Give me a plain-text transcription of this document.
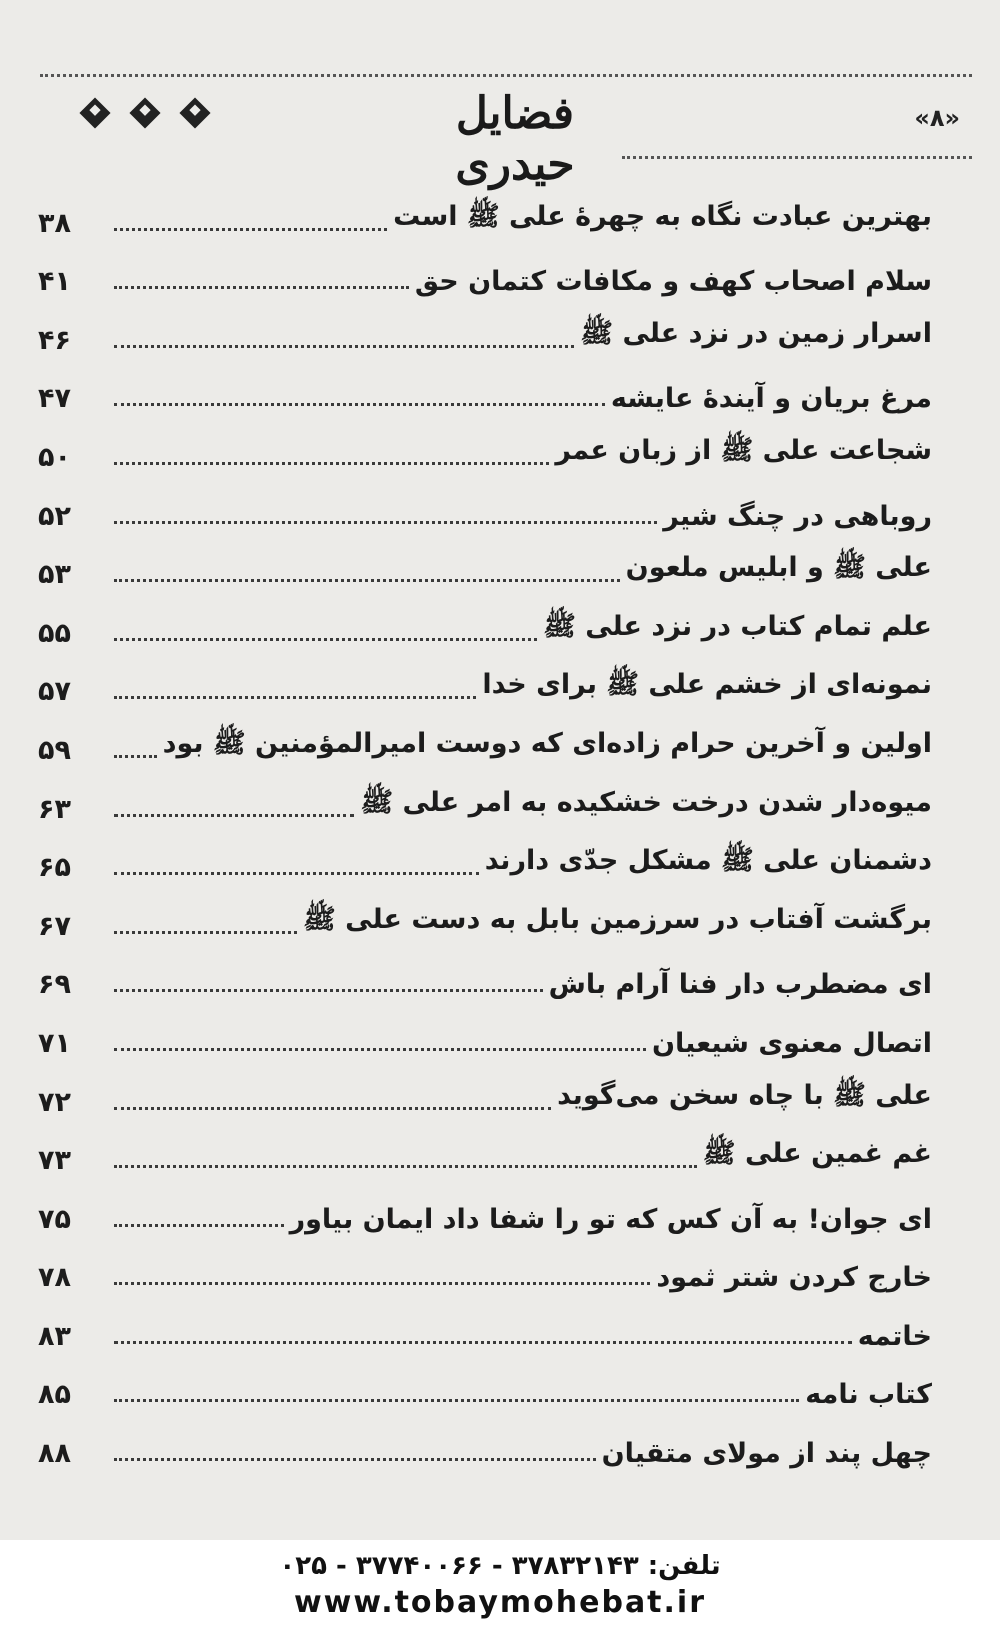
فضایل حیدری
«۸»
۳۸	بهترین عبادت نگاه به چهرهٔ علی ﷺ است
۴۱	سلام اصحاب کهف و مکافات کتمان حق
۴۶	اسرار زمین در نزد علی ﷺ
۴۷	مرغ بریان و آیندهٔ عایشه
۵۰	شجاعت علی ﷺ از زبان عمر
۵۲	روباهی در چنگ شیر
۵۳	علی ﷺ و ابلیس ملعون
۵۵	علم تمام کتاب در نزد علی ﷺ
۵۷	نمونه‌ای از خشم علی ﷺ برای خدا
۵۹	اولین و آخرین حرام زاده‌ای که دوست امیرالمؤمنین ﷺ بود
۶۳	میوه‌دار شدن درخت خشکیده به امر علی ﷺ
۶۵	دشمنان علی ﷺ مشکل جدّی دارند
۶۷	برگشت آفتاب در سرزمین بابل به دست علی ﷺ
۶۹	ای مضطرب دار فنا آرام باش
۷۱	اتصال معنوی شیعیان
۷۲	علی ﷺ با چاه سخن می‌گوید
۷۳	غم غمین علی ﷺ
۷۵	ای جوان! به آن کس که تو را شفا داد ایمان بیاور
۷۸	خارج کردن شتر ثمود
۸۳	خاتمه
۸۵	کتاب نامه
۸۸	چهل پند از مولای متقیان
تلفن: ۳۷۸۳۲۱۴۳ - ۳۷۷۴۰۰۶۶ - ۰۲۵
www.tobaymohebat.ir
